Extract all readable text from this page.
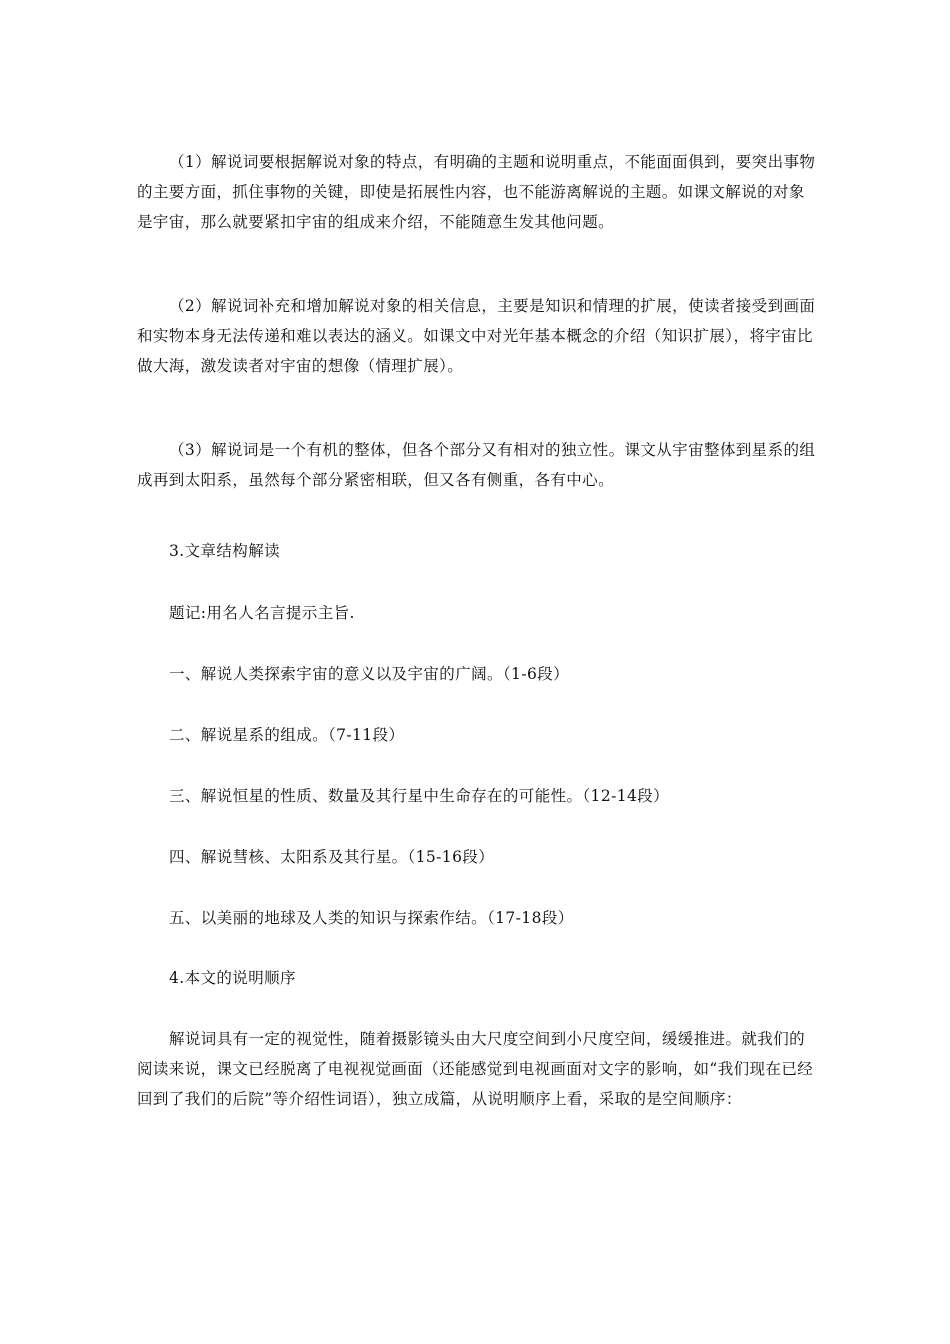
（1）解说词要根据解说对象的特点，有明确的主题和说明重点，不能面面俱到，要突出事物的主要方面，抓住事物的关键，即使是拓展性内容，也不能游离解说的主题。如课文解说的对象是宇宙，那么就要紧扣宇宙的组成来介绍，不能随意生发其他问题。

（2）解说词补充和增加解说对象的相关信息，主要是知识和情理的扩展，使读者接受到画面和实物本身无法传递和难以表达的涵义。如课文中对光年基本概念的介绍（知识扩展），将宇宙比做大海，激发读者对宇宙的想像（情理扩展）。

（3）解说词是一个有机的整体，但各个部分又有相对的独立性。课文从宇宙整体到星系的组成再到太阳系，虽然每个部分紧密相联，但又各有侧重，各有中心。

3.文章结构解读

题记:用名人名言提示主旨.

一、解说人类探索宇宙的意义以及宇宙的广阔。（1-6段）

二、解说星系的组成。（7-11段）

三、解说恒星的性质、数量及其行星中生命存在的可能性。（12-14段）

四、解说彗核、太阳系及其行星。（15-16段）

五、以美丽的地球及人类的知识与探索作结。（17-18段）

4.本文的说明顺序

解说词具有一定的视觉性，随着摄影镜头由大尺度空间到小尺度空间，缓缓推进。就我们的阅读来说，课文已经脱离了电视视觉画面（还能感觉到电视画面对文字的影响，如“我们现在已经回到了我们的后院”等介绍性词语），独立成篇，从说明顺序上看，采取的是空间顺序：
